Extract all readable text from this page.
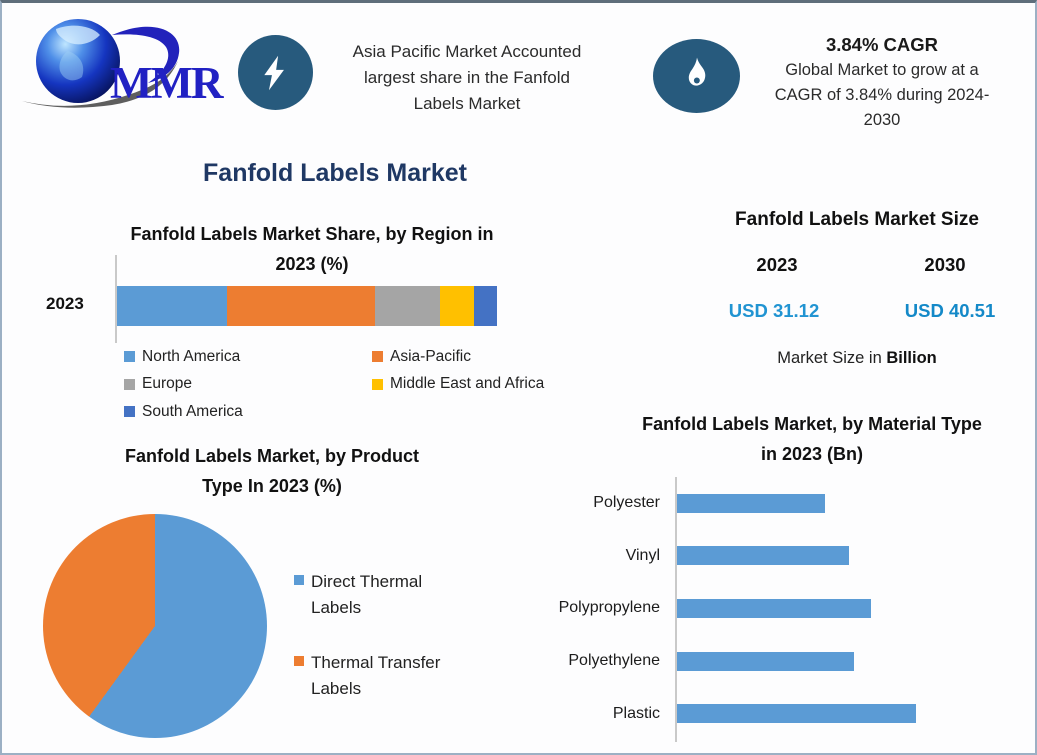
MMR
Asia Pacific Market Accounted
largest share in the Fanfold
Labels Market
3.84% CAGR
Global Market to grow at a
CAGR of 3.84% during 2024-
2030
Fanfold Labels Market
Fanfold Labels Market Share, by Region in
2023 (%)
2023
North America	Asia-Pacific
Europe	Middle East and Africa
South America
Fanfold Labels Market, by Product
Type In 2023 (%)
Direct Thermal Labels
Thermal Transfer Labels
Fanfold Labels Market Size
2023	2030
USD 31.12	USD 40.51
Market Size in Billion
Fanfold Labels Market, by Material Type
in 2023 (Bn)
Polyester
Vinyl
Polypropylene
Polyethylene
Plastic
